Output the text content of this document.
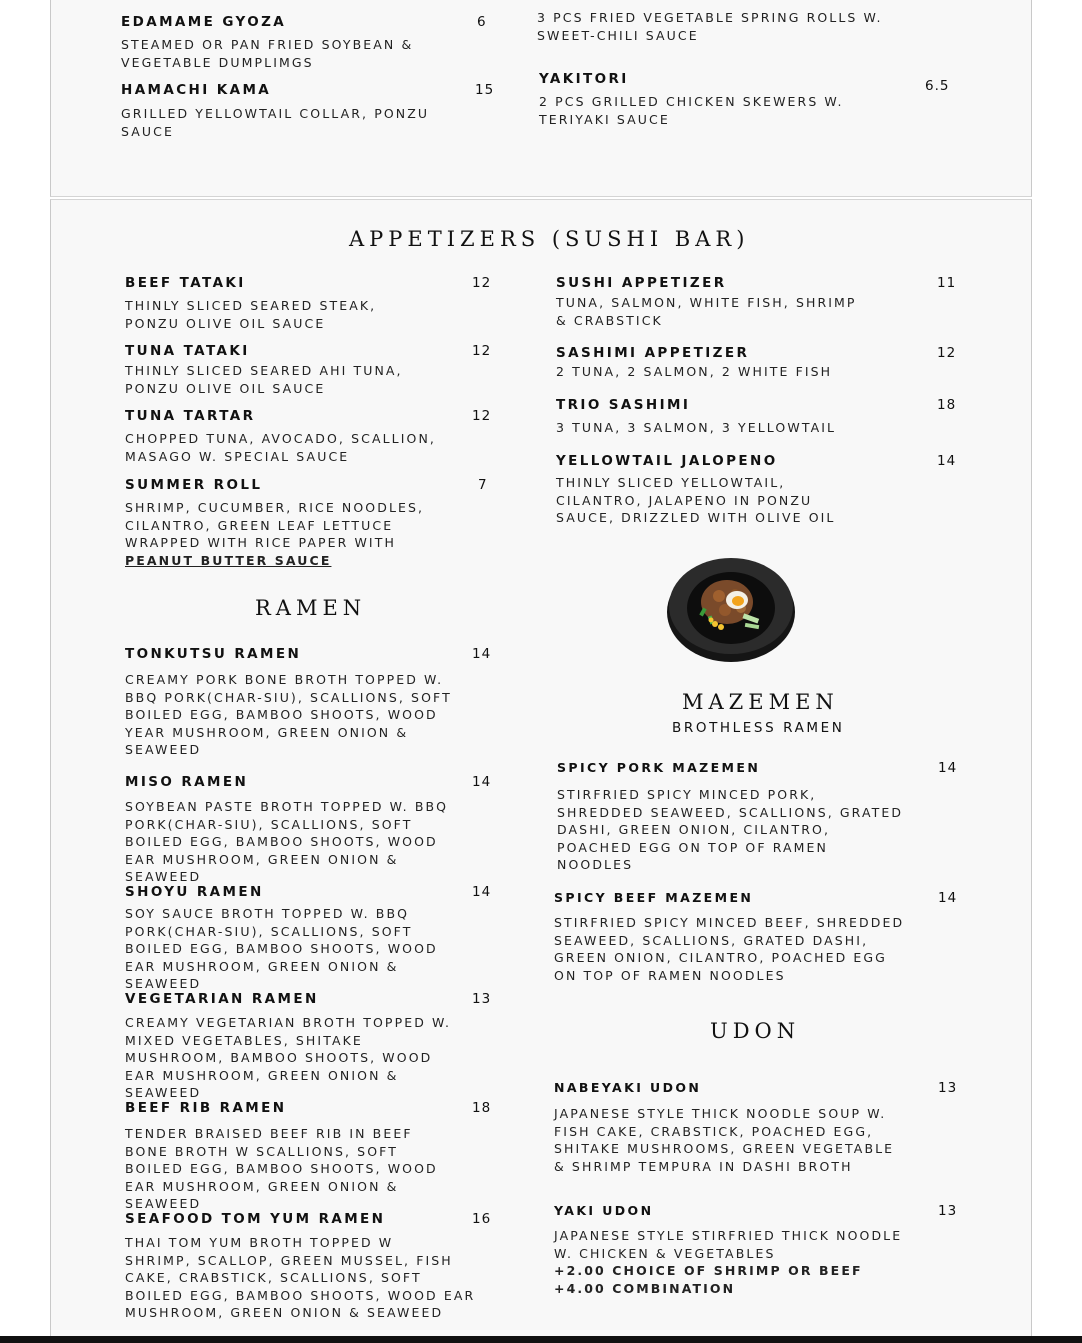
EDAMAME GYOZA	6
STEAMED OR PAN FRIED SOYBEAN &
VEGETABLE DUMPLIMGS
HAMACHI KAMA	15
GRILLED YELLOWTAIL COLLAR, PONZU
SAUCE
3 PCS FRIED VEGETABLE SPRING ROLLS W.
SWEET-CHILI SAUCE
YAKITORI	6.5
2 PCS GRILLED CHICKEN SKEWERS W.
TERIYAKI SAUCE
APPETIZERS (SUSHI BAR)
BEEF TATAKI	12
THINLY SLICED SEARED STEAK,
PONZU OLIVE OIL SAUCE
TUNA TATAKI	12
THINLY SLICED SEARED AHI TUNA,
PONZU OLIVE OIL SAUCE
TUNA TARTAR	12
CHOPPED TUNA, AVOCADO, SCALLION,
MASAGO W. SPECIAL SAUCE
SUMMER ROLL	7
SHRIMP, CUCUMBER, RICE NOODLES,
CILANTRO, GREEN LEAF LETTUCE
WRAPPED WITH RICE PAPER WITH
PEANUT BUTTER SAUCE
SUSHI APPETIZER	11
TUNA, SALMON, WHITE FISH, SHRIMP
& CRABSTICK
SASHIMI APPETIZER	12
2 TUNA, 2 SALMON, 2 WHITE FISH
TRIO SASHIMI	18
3 TUNA, 3 SALMON, 3 YELLOWTAIL
YELLOWTAIL JALOPENO	14
THINLY SLICED YELLOWTAIL,
CILANTRO, JALAPENO IN PONZU
SAUCE, DRIZZLED WITH OLIVE OIL
RAMEN
TONKUTSU RAMEN	14
CREAMY PORK BONE BROTH TOPPED W.
BBQ PORK(CHAR-SIU), SCALLIONS, SOFT
BOILED EGG, BAMBOO SHOOTS, WOOD
YEAR MUSHROOM, GREEN ONION &
SEAWEED
MISO RAMEN	14
SOYBEAN PASTE BROTH TOPPED W. BBQ
PORK(CHAR-SIU), SCALLIONS, SOFT
BOILED EGG, BAMBOO SHOOTS, WOOD
EAR MUSHROOM, GREEN ONION &
SEAWEED
SHOYU RAMEN	14
SOY SAUCE BROTH TOPPED W. BBQ
PORK(CHAR-SIU), SCALLIONS, SOFT
BOILED EGG, BAMBOO SHOOTS, WOOD
EAR MUSHROOM, GREEN ONION &
SEAWEED
VEGETARIAN RAMEN	13
CREAMY VEGETARIAN BROTH TOPPED W.
MIXED VEGETABLES, SHITAKE
MUSHROOM, BAMBOO SHOOTS, WOOD
EAR MUSHROOM, GREEN ONION &
SEAWEED
BEEF RIB RAMEN	18
TENDER BRAISED BEEF RIB IN BEEF
BONE BROTH W SCALLIONS, SOFT
BOILED EGG, BAMBOO SHOOTS, WOOD
EAR MUSHROOM, GREEN ONION &
SEAWEED
SEAFOOD TOM YUM RAMEN	16
THAI TOM YUM BROTH TOPPED W
SHRIMP, SCALLOP, GREEN MUSSEL, FISH
CAKE, CRABSTICK, SCALLIONS, SOFT
BOILED EGG, BAMBOO SHOOTS, WOOD EAR
MUSHROOM, GREEN ONION & SEAWEED
MAZEMEN
BROTHLESS RAMEN
SPICY PORK MAZEMEN	14
STIRFRIED SPICY MINCED PORK,
SHREDDED SEAWEED, SCALLIONS, GRATED
DASHI, GREEN ONION, CILANTRO,
POACHED EGG ON TOP OF RAMEN
NOODLES
SPICY BEEF MAZEMEN	14
STIRFRIED SPICY MINCED BEEF, SHREDDED
SEAWEED, SCALLIONS, GRATED DASHI,
GREEN ONION, CILANTRO, POACHED EGG
ON TOP OF RAMEN NOODLES
UDON
NABEYAKI UDON	13
JAPANESE STYLE THICK NOODLE SOUP W.
FISH CAKE, CRABSTICK, POACHED EGG,
SHITAKE MUSHROOMS, GREEN VEGETABLE
& SHRIMP TEMPURA IN DASHI BROTH
YAKI UDON	13
JAPANESE STYLE STIRFRIED THICK NOODLE
W. CHICKEN & VEGETABLES
+2.00 CHOICE OF SHRIMP OR BEEF
+4.00 COMBINATION
